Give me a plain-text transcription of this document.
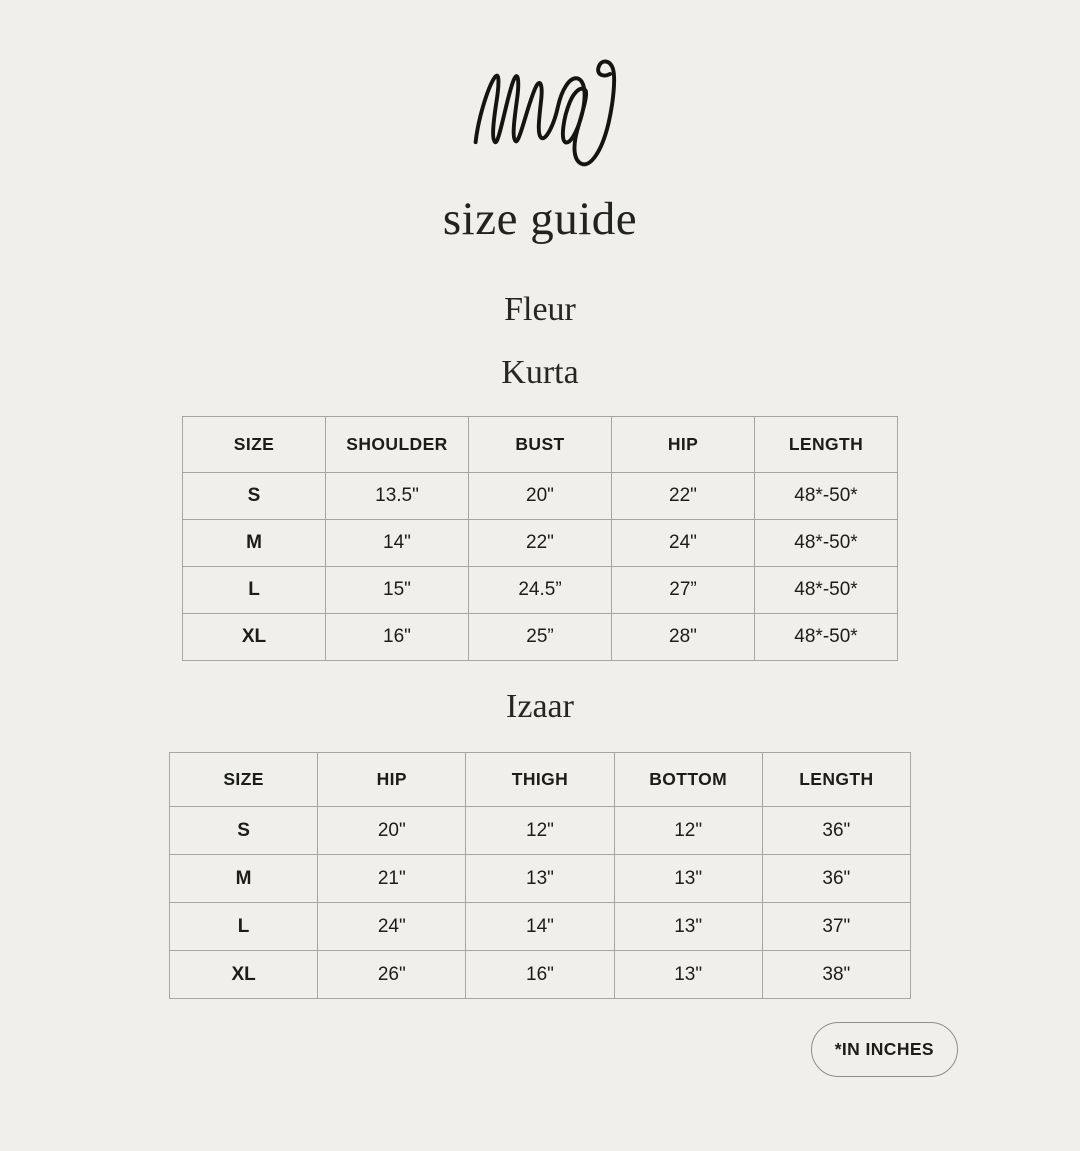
size guide
Fleur
Kurta
SIZE	SHOULDER	BUST	HIP	LENGTH
S	13.5"	20"	22"	48*-50*
M	14"	22"	24"	48*-50*
L	15"	24.5”	27”	48*-50*
XL	16"	25”	28"	48*-50*
Izaar
SIZE	HIP	THIGH	BOTTOM	LENGTH
S	20"	12"	12"	36"
M	21"	13"	13"	36"
L	24"	14"	13"	37"
XL	26"	16"	13"	38"
*IN INCHES
